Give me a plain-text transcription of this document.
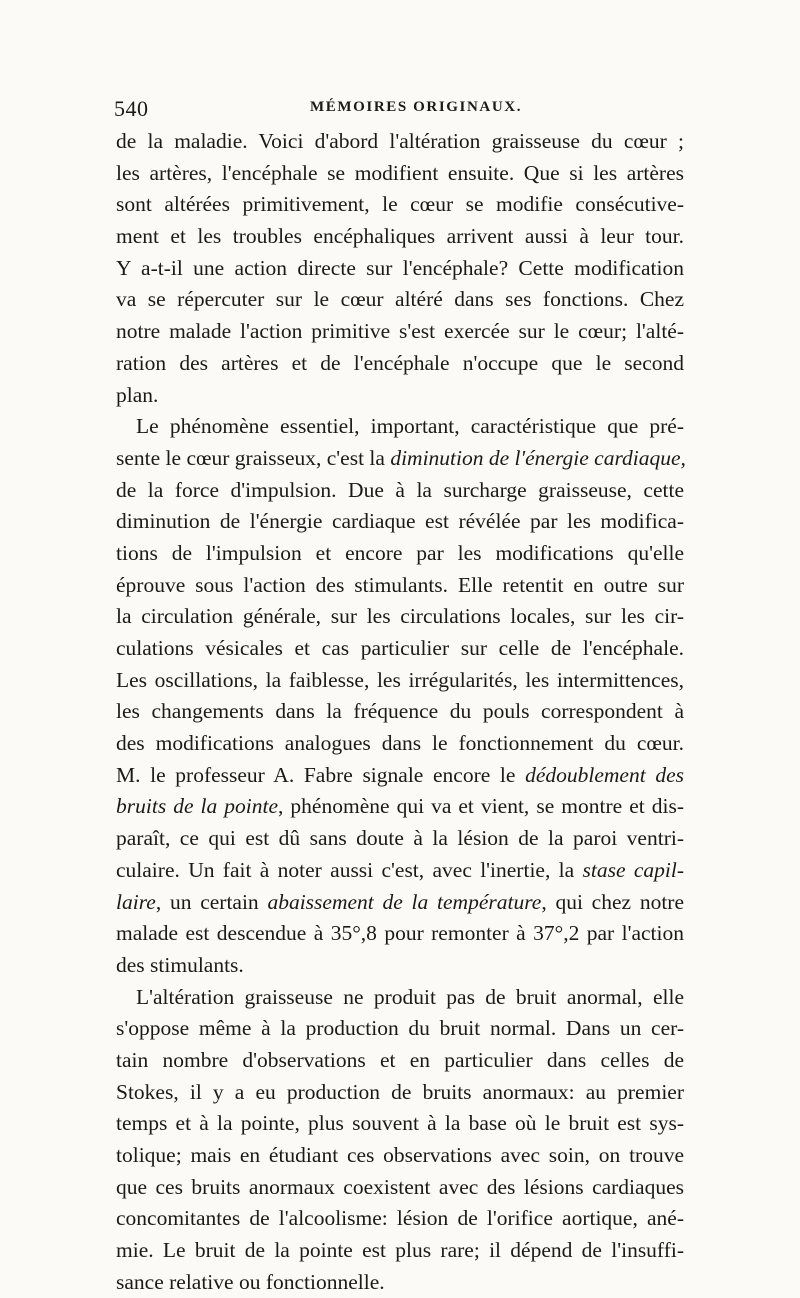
540	MÉMOIRES ORIGINAUX.
de la maladie. Voici d'abord l'altération graisseuse du cœur ;
les artères, l'encéphale se modifient ensuite. Que si les artères
sont altérées primitivement, le cœur se modifie consécutive-
ment et les troubles encéphaliques arrivent aussi à leur tour.
Y a-t-il une action directe sur l'encéphale? Cette modification
va se répercuter sur le cœur altéré dans ses fonctions. Chez
notre malade l'action primitive s'est exercée sur le cœur; l'alté-
ration des artères et de l'encéphale n'occupe que le second
plan.
Le phénomène essentiel, important, caractéristique que pré-
sente le cœur graisseux, c'est la diminution de l'énergie cardiaque,
de la force d'impulsion. Due à la surcharge graisseuse, cette
diminution de l'énergie cardiaque est révélée par les modifica-
tions de l'impulsion et encore par les modifications qu'elle
éprouve sous l'action des stimulants. Elle retentit en outre sur
la circulation générale, sur les circulations locales, sur les cir-
culations vésicales et cas particulier sur celle de l'encéphale.
Les oscillations, la faiblesse, les irrégularités, les intermittences,
les changements dans la fréquence du pouls correspondent à
des modifications analogues dans le fonctionnement du cœur.
M. le professeur A. Fabre signale encore le dédoublement des
bruits de la pointe, phénomène qui va et vient, se montre et dis-
paraît, ce qui est dû sans doute à la lésion de la paroi ventri-
culaire. Un fait à noter aussi c'est, avec l'inertie, la stase capil-
laire, un certain abaissement de la température, qui chez notre
malade est descendue à 35°,8 pour remonter à 37°,2 par l'action
des stimulants.
L'altération graisseuse ne produit pas de bruit anormal, elle
s'oppose même à la production du bruit normal. Dans un cer-
tain nombre d'observations et en particulier dans celles de
Stokes, il y a eu production de bruits anormaux: au premier
temps et à la pointe, plus souvent à la base où le bruit est sys-
tolique; mais en étudiant ces observations avec soin, on trouve
que ces bruits anormaux coexistent avec des lésions cardiaques
concomitantes de l'alcoolisme: lésion de l'orifice aortique, ané-
mie. Le bruit de la pointe est plus rare; il dépend de l'insuffi-
sance relative ou fonctionnelle.
